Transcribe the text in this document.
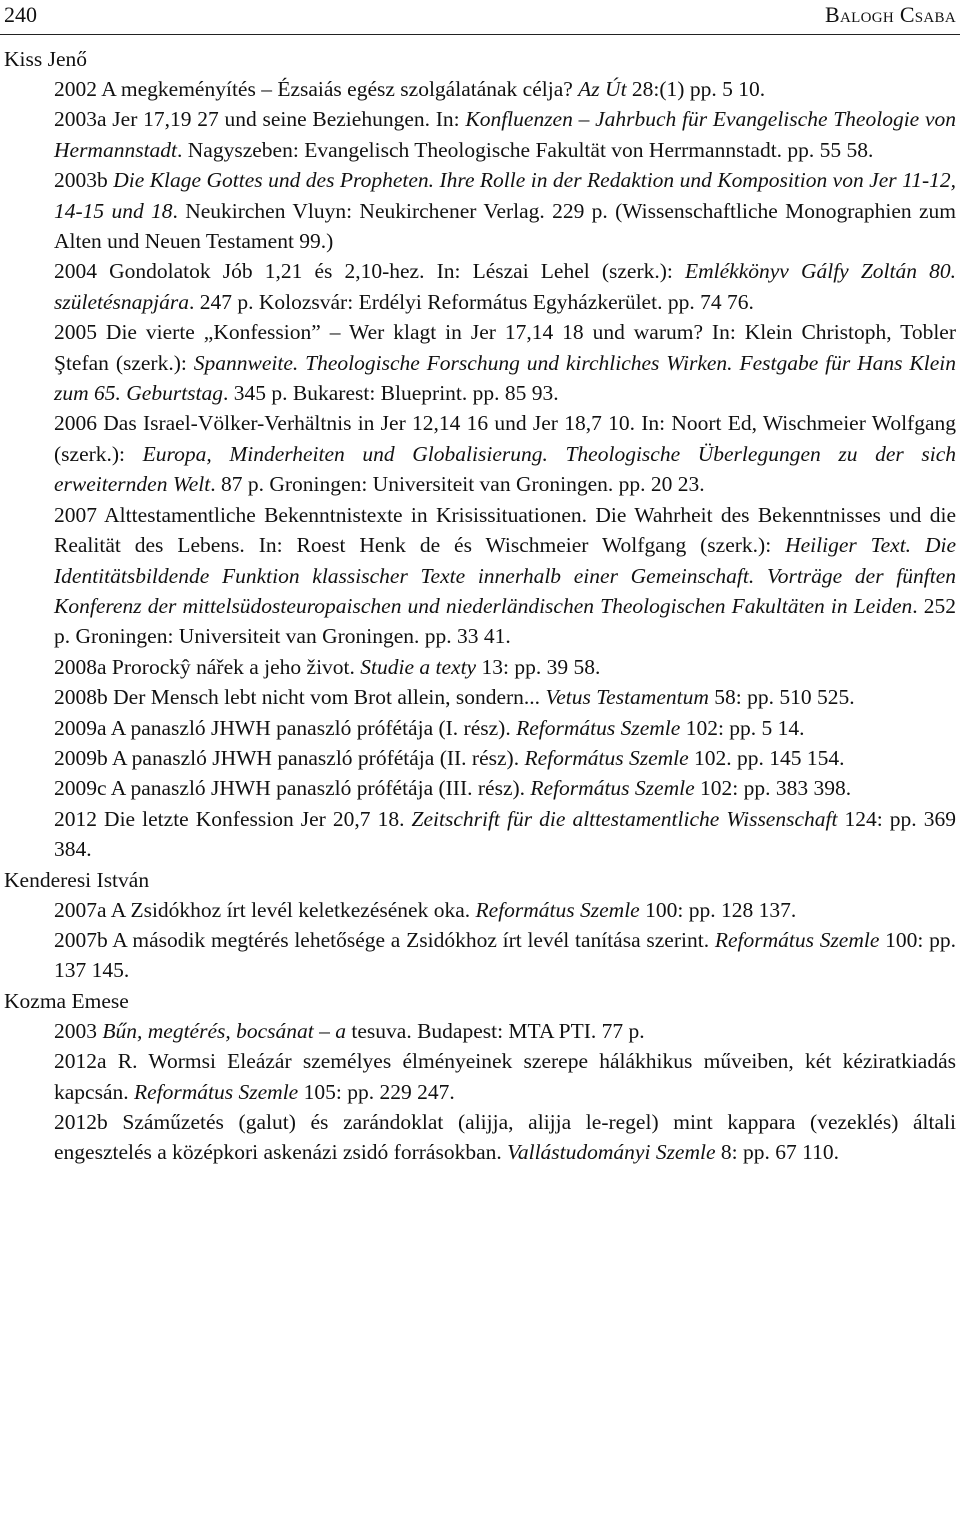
240	Balogh Csaba

Kiss Jenő

2002 A megkeményítés – Ézsaiás egész szolgálatának célja? Az Út 28:(1) pp. 5 10.

2003a Jer 17,19 27 und seine Beziehungen. In: Konfluenzen – Jahrbuch für Evangelische Theologie von Hermannstadt. Nagyszeben: Evangelisch Theologische Fakultät von Herrmannstadt. pp. 55 58.

2003b Die Klage Gottes und des Propheten. Ihre Rolle in der Redaktion und Komposition von Jer 11-12, 14-15 und 18. Neukirchen Vluyn: Neukirchener Verlag. 229 p. (Wissenschaftliche Monographien zum Alten und Neuen Testament 99.)

2004 Gondolatok Jób 1,21 és 2,10-hez. In: Lészai Lehel (szerk.): Emlékkönyv Gálfy Zoltán 80. születésnapjára. 247 p. Kolozsvár: Erdélyi Református Egyházkerület. pp. 74 76.

2005 Die vierte „Konfession” – Wer klagt in Jer 17,14 18 und warum? In: Klein Christoph, Tobler Ştefan (szerk.): Spannweite. Theologische Forschung und kirchliches Wirken. Festgabe für Hans Klein zum 65. Geburtstag. 345 p. Bukarest: Blueprint. pp. 85 93.

2006 Das Israel-Völker-Verhältnis in Jer 12,14 16 und Jer 18,7 10. In: Noort Ed, Wischmeier Wolfgang (szerk.): Europa, Minderheiten und Globalisierung. Theologische Überlegungen zu der sich erweiternden Welt. 87 p. Groningen: Universiteit van Groningen. pp. 20 23.

2007 Alttestamentliche Bekenntnistexte in Krisissituationen. Die Wahrheit des Bekenntnisses und die Realität des Lebens. In: Roest Henk de és Wischmeier Wolfgang (szerk.): Heiliger Text. Die Identitätsbildende Funktion klassischer Texte innerhalb einer Gemeinschaft. Vorträge der fünften Konferenz der mittelsüdosteuropaischen und niederländischen Theologischen Fakultäten in Leiden. 252 p. Groningen: Universiteit van Groningen. pp. 33 41.

2008a Prorockŷ nářek a jeho život. Studie a texty 13: pp. 39 58.

2008b Der Mensch lebt nicht vom Brot allein, sondern... Vetus Testamentum 58: pp. 510 525.

2009a A panaszló JHWH panaszló prófétája (I. rész). Református Szemle 102: pp. 5 14.

2009b A panaszló JHWH panaszló prófétája (II. rész). Református Szemle 102. pp. 145 154.

2009c A panaszló JHWH panaszló prófétája (III. rész). Református Szemle 102: pp. 383 398.

2012 Die letzte Konfession Jer 20,7 18. Zeitschrift für die alttestamentliche Wissenschaft 124: pp. 369 384.

Kenderesi István

2007a A Zsidókhoz írt levél keletkezésének oka. Református Szemle 100: pp. 128 137.

2007b A második megtérés lehetősége a Zsidókhoz írt levél tanítása szerint. Református Szemle 100: pp. 137 145.

Kozma Emese

2003 Bűn, megtérés, bocsánat – a tesuva. Budapest: MTA PTI. 77 p.

2012a R. Wormsi Eleázár személyes élményeinek szerepe hálákhikus műveiben, két kéziratkiadás kapcsán. Református Szemle 105: pp. 229 247.

2012b Száműzetés (galut) és zarándoklat (alijja, alijja le-regel) mint kappara (vezeklés) általi engesztelés a középkori askenázi zsidó forrásokban. Vallástudományi Szemle 8: pp. 67 110.
